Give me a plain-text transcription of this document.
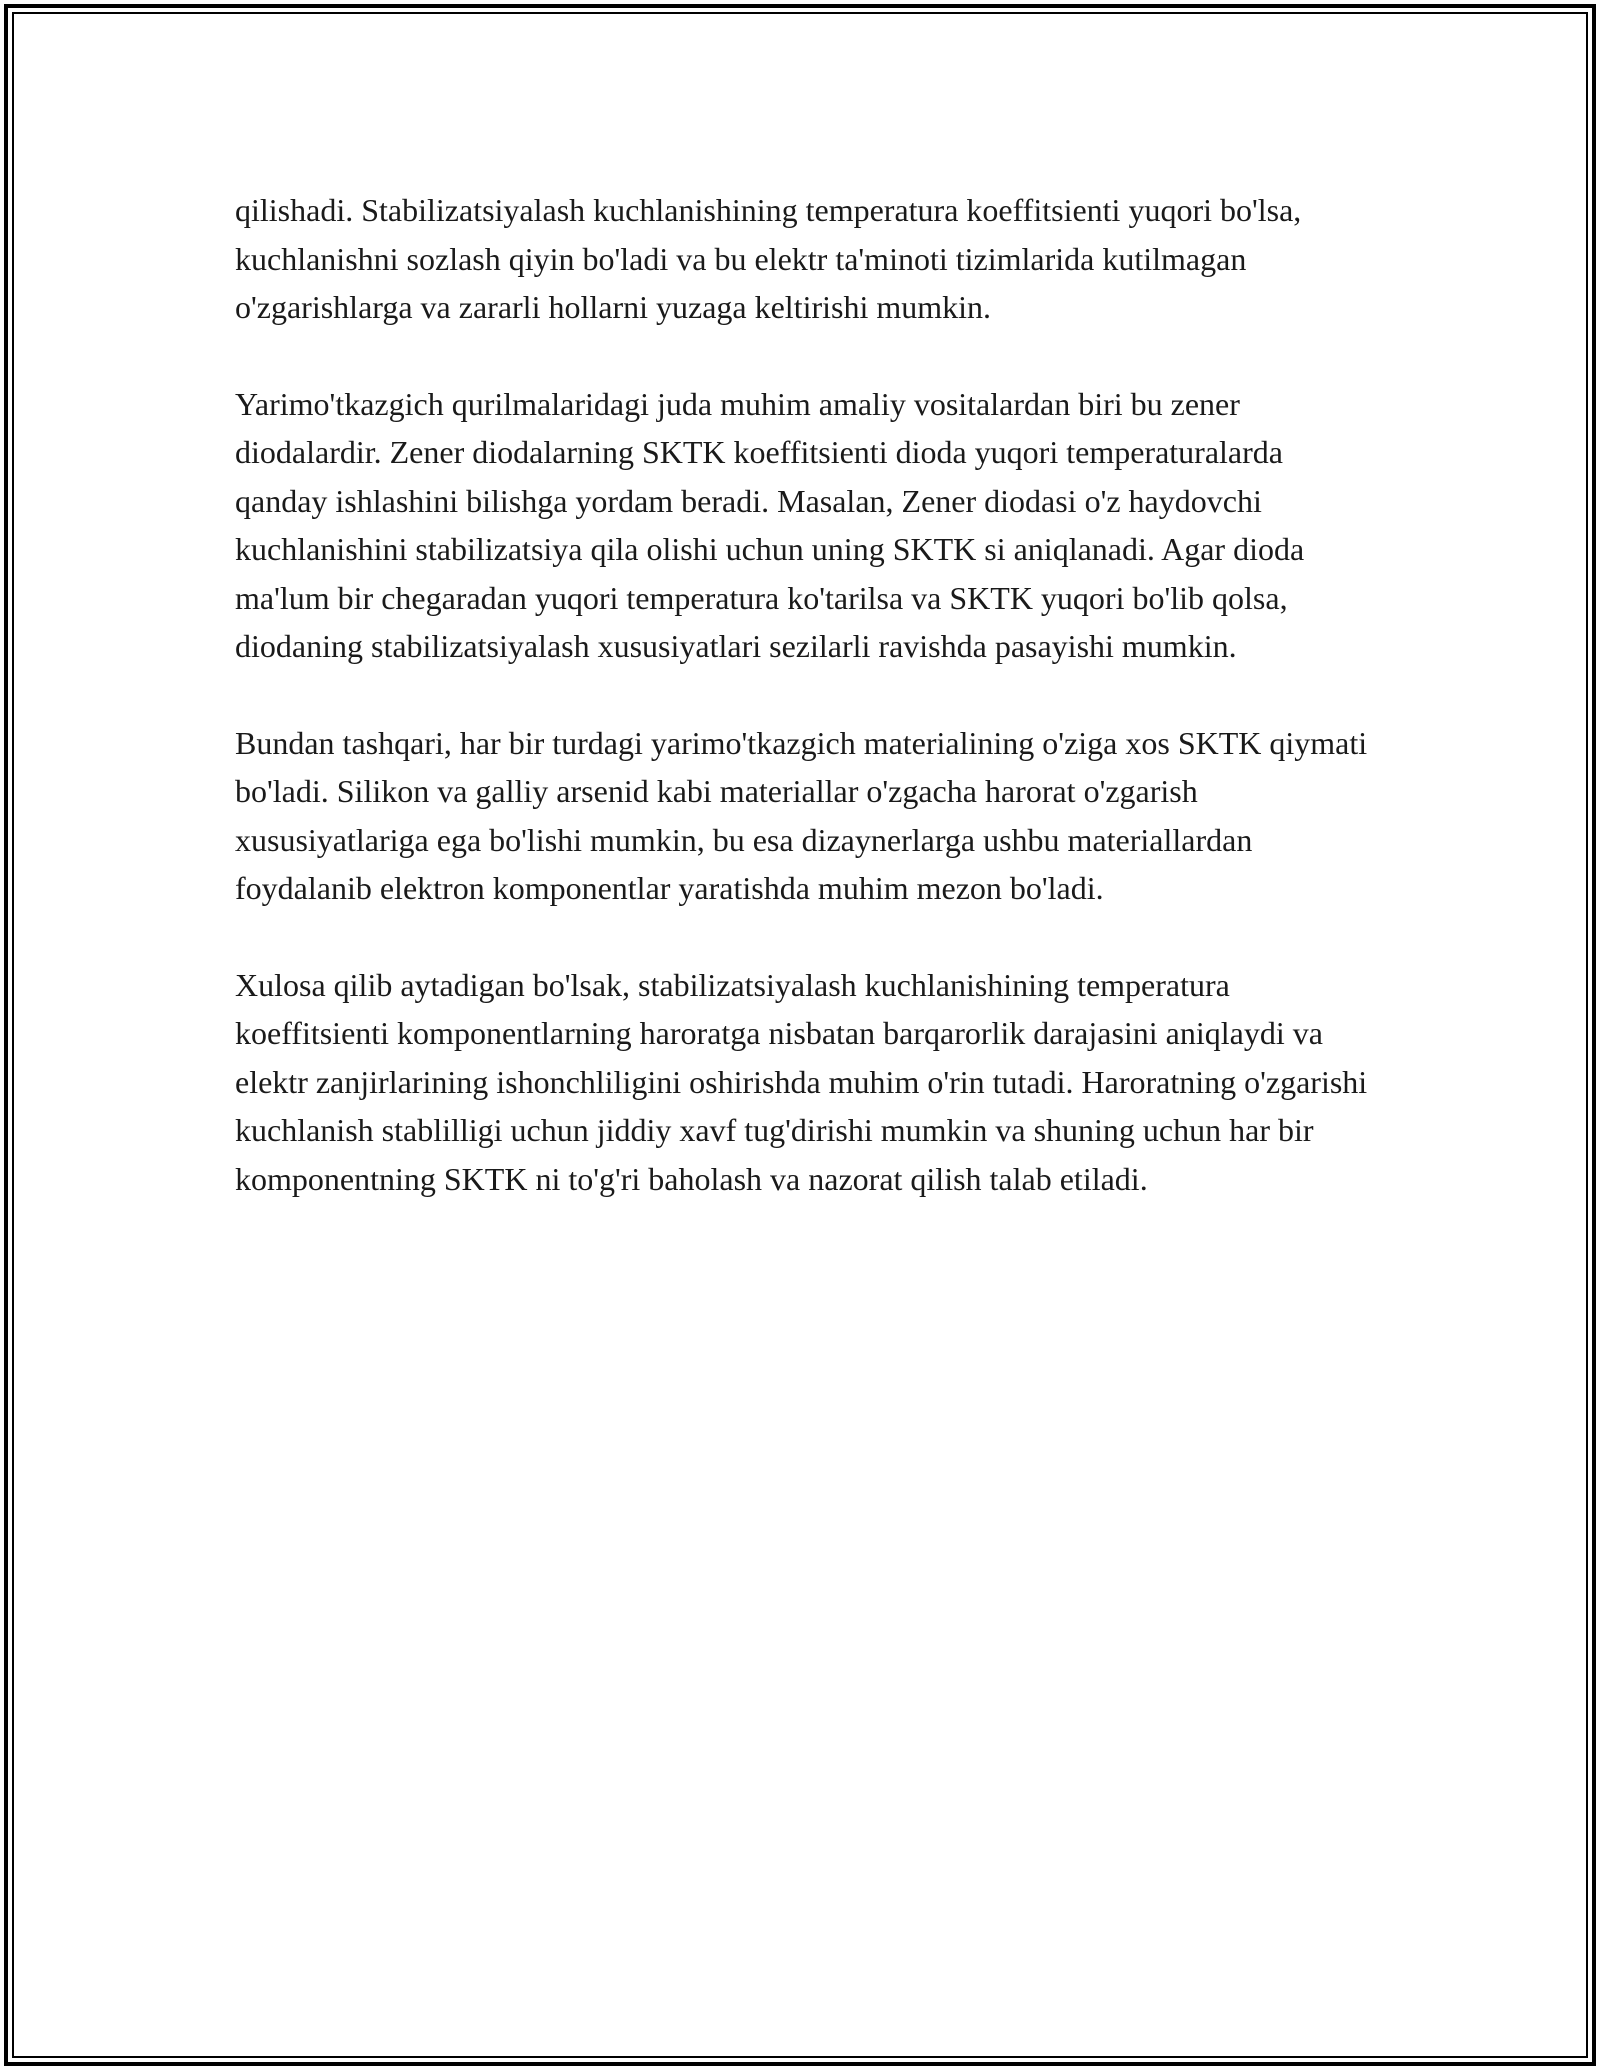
qilishadi. Stabilizatsiyalash kuchlanishining temperatura koeffitsienti yuqori bo'lsa, kuchlanishni sozlash qiyin bo'ladi va bu elektr ta'minoti tizimlarida kutilmagan o'zgarishlarga va zararli hollarni yuzaga keltirishi mumkin.

Yarimo'tkazgich qurilmalaridagi juda muhim amaliy vositalardan biri bu zener diodalardir. Zener diodalarning SKTK koeffitsienti dioda yuqori temperaturalarda qanday ishlashini bilishga yordam beradi. Masalan, Zener diodasi o'z haydovchi kuchlanishini stabilizatsiya qila olishi uchun uning SKTK si aniqlanadi. Agar dioda ma'lum bir chegaradan yuqori temperatura ko'tarilsa va SKTK yuqori bo'lib qolsa, diodaning stabilizatsiyalash xususiyatlari sezilarli ravishda pasayishi mumkin.

Bundan tashqari, har bir turdagi yarimo'tkazgich materialining o'ziga xos SKTK qiymati bo'ladi. Silikon va galliy arsenid kabi materiallar o'zgacha harorat o'zgarish xususiyatlariga ega bo'lishi mumkin, bu esa dizaynerlarga ushbu materiallardan foydalanib elektron komponentlar yaratishda muhim mezon bo'ladi.

Xulosa qilib aytadigan bo'lsak, stabilizatsiyalash kuchlanishining temperatura koeffitsienti komponentlarning haroratga nisbatan barqarorlik darajasini aniqlaydi va elektr zanjirlarining ishonchliligini oshirishda muhim o'rin tutadi. Haroratning o'zgarishi kuchlanish stablilligi uchun jiddiy xavf tug'dirishi mumkin va shuning uchun har bir komponentning SKTK ni to'g'ri baholash va nazorat qilish talab etiladi.
